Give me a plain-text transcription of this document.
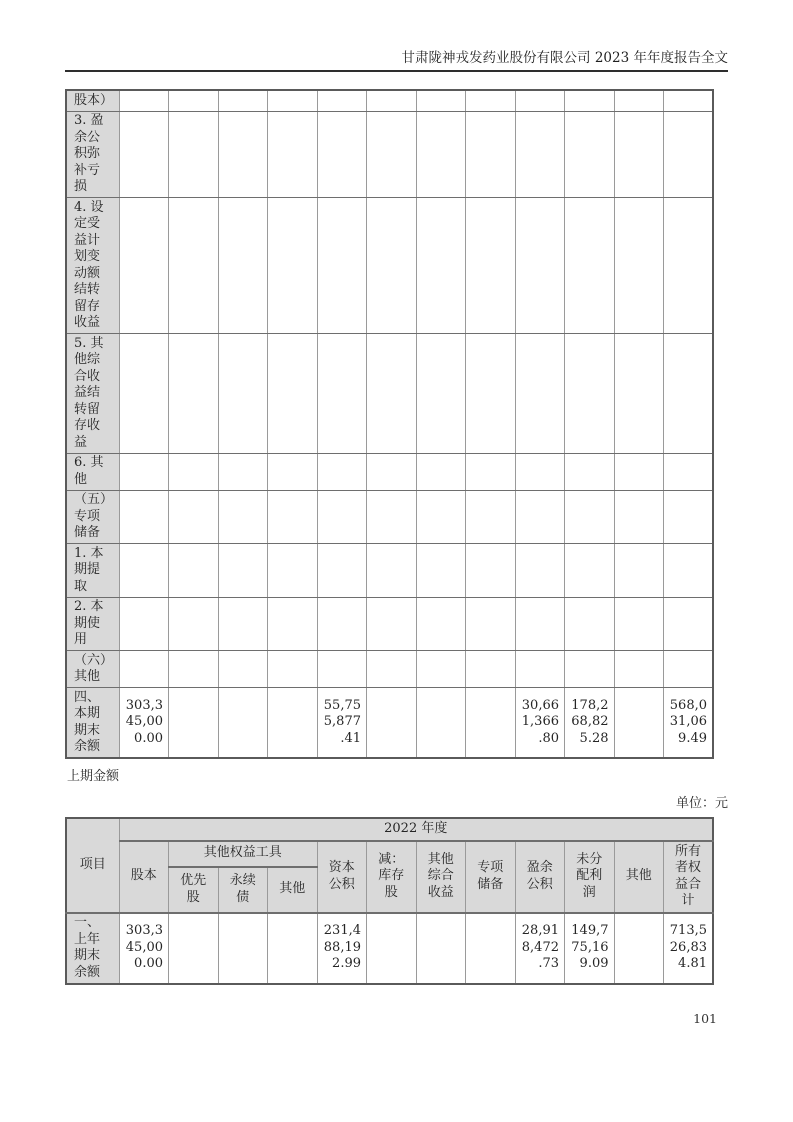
甘肃陇神戎发药业股份有限公司 2023 年年度报告全文
股本）												
3. 盈余公积弥补亏损												
4. 设定受益计划变动额结转留存收益												
5. 其他综合收益结转留存收益												
6. 其他												
（五）专项储备												
1. 本期提取												
2. 本期使用												
（六）其他												
四、本期期末余额	303,345,000.00				55,755,877.41				30,661,366.80	178,268,825.28		568,031,069.49
上期金额
单位：元
项目	2022 年度											
	股本	其他权益工具			资本公积	减：库存股	其他综合收益	专项储备	盈余公积	未分配利润	其他	所有者权益合计
		优先股	永续债	其他								
一、上年期末余额	303,345,000.00				231,488,192.99				28,918,472.73	149,775,169.09		713,526,834.81
101
